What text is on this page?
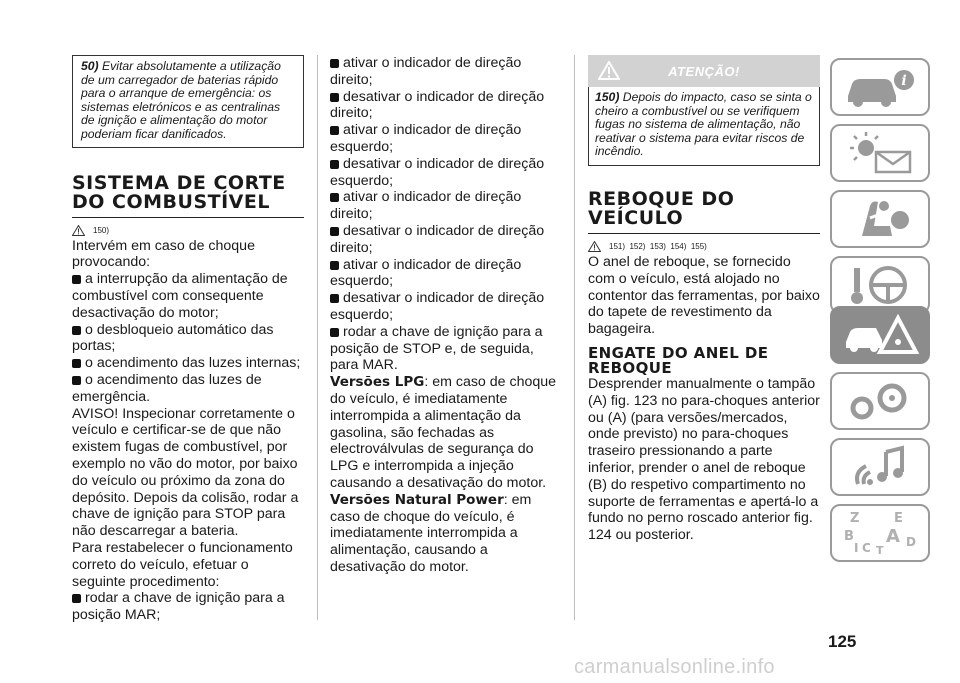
50) Evitar absolutamente a utilização de um carregador de baterias rápido para o arranque de emergência: os sistemas eletrónicos e as centralinas de ignição e alimentação do motor poderiam ficar danificados.
SISTEMA DE CORTE
DO COMBUSTÍVEL
150)

Intervém em caso de choque provocando:

a interrupção da alimentação de combustível com consequente desactivação do motor;

o desbloqueio automático das portas;

o acendimento das luzes internas;

o acendimento das luzes de emergência.

AVISO! Inspecionar corretamente o veículo e certificar-se de que não existem fugas de combustível, por exemplo no vão do motor, por baixo do veículo ou próximo da zona do depósito. Depois da colisão, rodar a chave de ignição para STOP para não descarregar a bateria.

Para restabelecer o funcionamento correto do veículo, efetuar o seguinte procedimento:

rodar a chave de ignição para a posição MAR;

ativar o indicador de direção direito;

desativar o indicador de direção direito;

ativar o indicador de direção esquerdo;

desativar o indicador de direção esquerdo;

ativar o indicador de direção direito;

desativar o indicador de direção direito;

ativar o indicador de direção esquerdo;

desativar o indicador de direção esquerdo;

rodar a chave de ignição para a posição de STOP e, de seguida, para MAR.

Versões LPG: em caso de choque do veículo, é imediatamente interrompida a alimentação da gasolina, são fechadas as electroválvulas de segurança do LPG e interrompida a injeção causando a desativação do motor.

Versões Natural Power: em caso de choque do veículo, é imediatamente interrompida a alimentação, causando a desativação do motor.

ATENÇÃO!
150) Depois do impacto, caso se sinta o cheiro a combustível ou se verifiquem fugas no sistema de alimentação, não reativar o sistema para evitar riscos de incêndio.
REBOQUE DO
VEÍCULO
151)  152)  153)  154)  155)

O anel de reboque, se fornecido com o veículo, está alojado no contentor das ferramentas, por baixo do tapete de revestimento da bagageira.

ENGATE DO ANEL DE
REBOQUE

Desprender manualmente o tampão (A) fig. 123 no para-choques anterior ou (A) (para versões/mercados, onde previsto) no para-choques traseiro pressionando a parte inferior, prender o anel de reboque (B) do respetivo compartimento no suporte de ferramentas e apertá-lo a fundo no perno roscado anterior fig. 124 ou posterior.

i
Z	E
B A
C	D
I T
125
carmanualsonline.info
